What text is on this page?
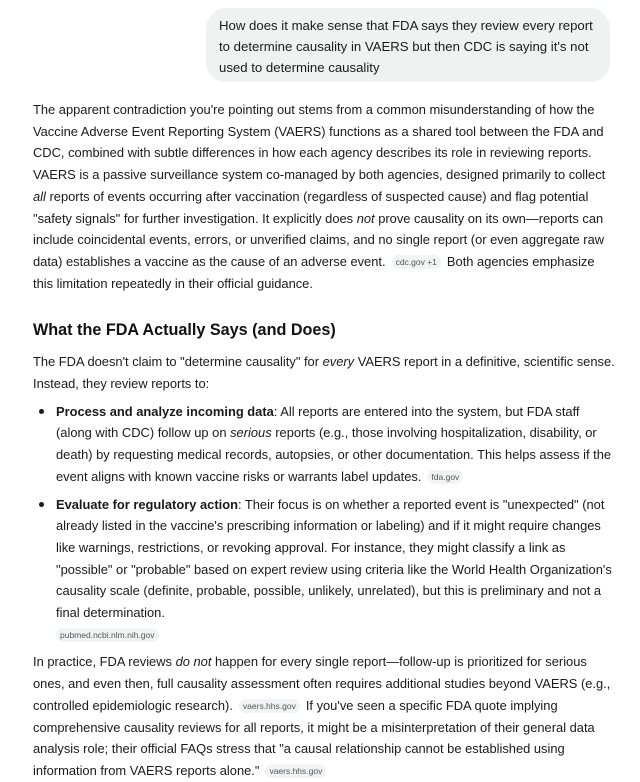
How does it make sense that FDA says they review every report to determine causality in VAERS but then CDC is saying it's not used to determine causality

The apparent contradiction you're pointing out stems from a common misunderstanding of how the Vaccine Adverse Event Reporting System (VAERS) functions as a shared tool between the FDA and CDC, combined with subtle differences in how each agency describes its role in reviewing reports. VAERS is a passive surveillance system co-managed by both agencies, designed primarily to collect all reports of events occurring after vaccination (regardless of suspected cause) and flag potential "safety signals" for further investigation. It explicitly does not prove causality on its own—reports can include coincidental events, errors, or unverified claims, and no single report (or even aggregate raw data) establishes a vaccine as the cause of an adverse event. cdc.gov +1 Both agencies emphasize this limitation repeatedly in their official guidance.

What the FDA Actually Says (and Does)

The FDA doesn't claim to "determine causality" for every VAERS report in a definitive, scientific sense. Instead, they review reports to:

Process and analyze incoming data: All reports are entered into the system, but FDA staff (along with CDC) follow up on serious reports (e.g., those involving hospitalization, disability, or death) by requesting medical records, autopsies, or other documentation. This helps assess if the event aligns with known vaccine risks or warrants label updates. fda.gov
Evaluate for regulatory action: Their focus is on whether a reported event is "unexpected" (not already listed in the vaccine's prescribing information or labeling) and if it might require changes like warnings, restrictions, or revoking approval. For instance, they might classify a link as "possible" or "probable" based on expert review using criteria like the World Health Organization's causality scale (definite, probable, possible, unlikely, unrelated), but this is preliminary and not a final determination.
pubmed.ncbi.nlm.nih.gov

In practice, FDA reviews do not happen for every single report—follow-up is prioritized for serious ones, and even then, full causality assessment often requires additional studies beyond VAERS (e.g., controlled epidemiologic research). vaers.hhs.gov If you've seen a specific FDA quote implying comprehensive causality reviews for all reports, it might be a misinterpretation of their general data analysis role; their official FAQs stress that "a causal relationship cannot be established using information from VAERS reports alone." vaers.hhs.gov
